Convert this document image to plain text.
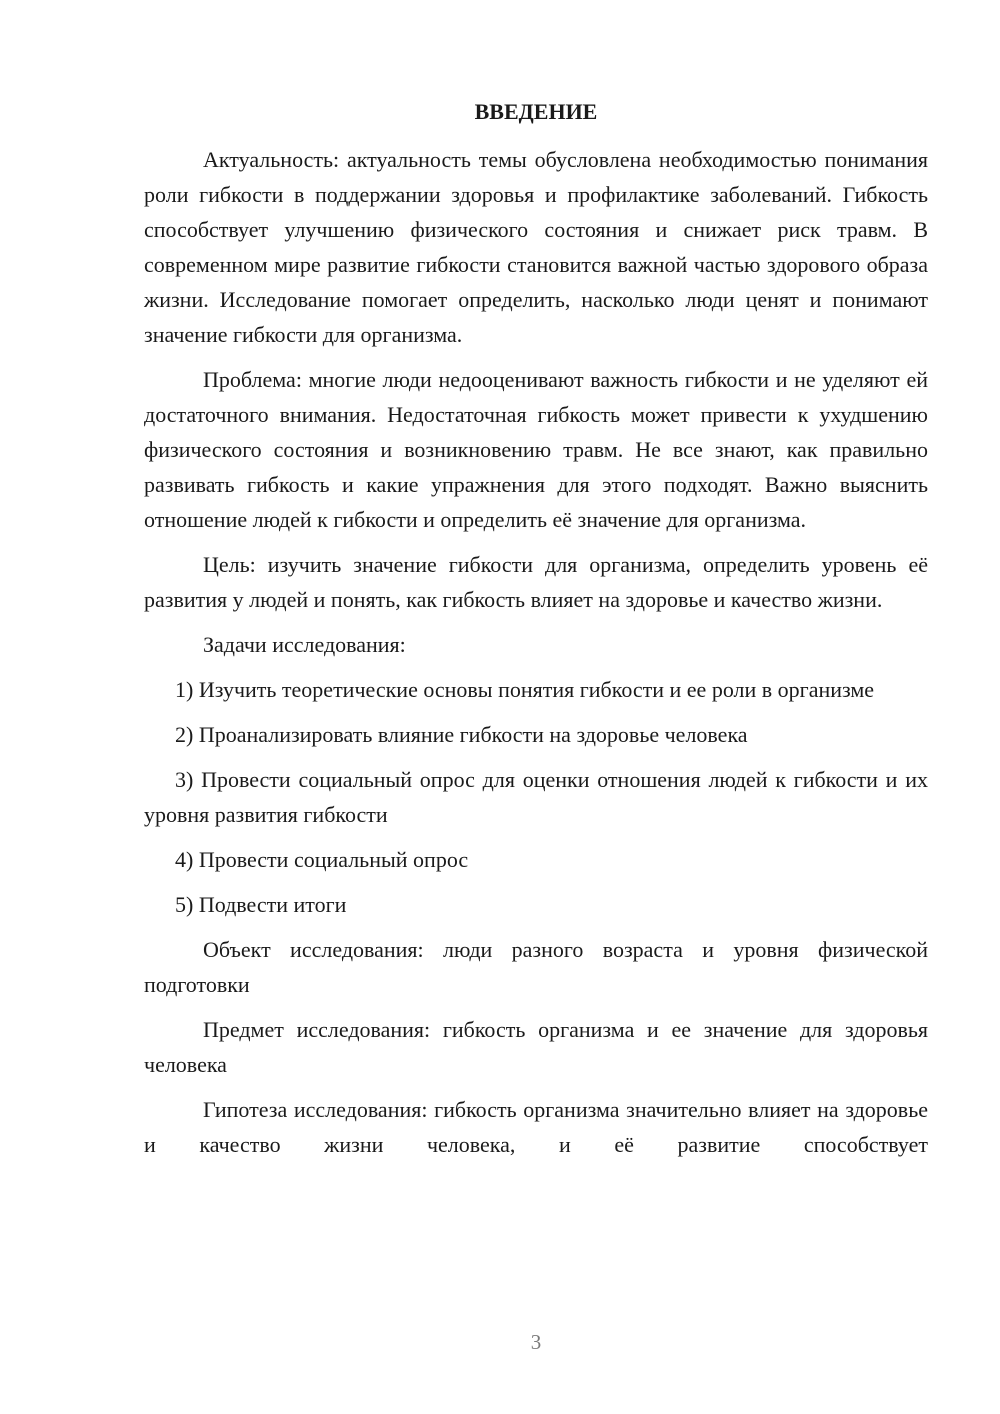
ВВЕДЕНИЕ

Актуальность: актуальность темы обусловлена необходимостью понимания роли гибкости в поддержании здоровья и профилактике заболеваний. Гибкость способствует улучшению физического состояния и снижает риск травм. В современном мире развитие гибкости становится важной частью здорового образа жизни. Исследование помогает определить, насколько люди ценят и понимают значение гибкости для организма.

Проблема: многие люди недооценивают важность гибкости и не уделяют ей достаточного внимания. Недостаточная гибкость может привести к ухудшению физического состояния и возникновению травм. Не все знают, как правильно развивать гибкость и какие упражнения для этого подходят. Важно выяснить отношение людей к гибкости и определить её значение для организма.

Цель: изучить значение гибкости для организма, определить уровень её развития у людей и понять, как гибкость влияет на здоровье и качество жизни.

Задачи исследования:

1) Изучить теоретические основы понятия гибкости и ее роли в организме

2) Проанализировать влияние гибкости на здоровье человека

3) Провести социальный опрос для оценки отношения людей к гибкости и их уровня развития гибкости

4) Провести социальный опрос

5) Подвести итоги

Объект исследования: люди разного возраста и уровня физической подготовки

Предмет исследования: гибкость организма и ее значение для здоровья человека

Гипотеза исследования: гибкость организма значительно влияет на здоровье и качество жизни человека, и её развитие способствует

3
